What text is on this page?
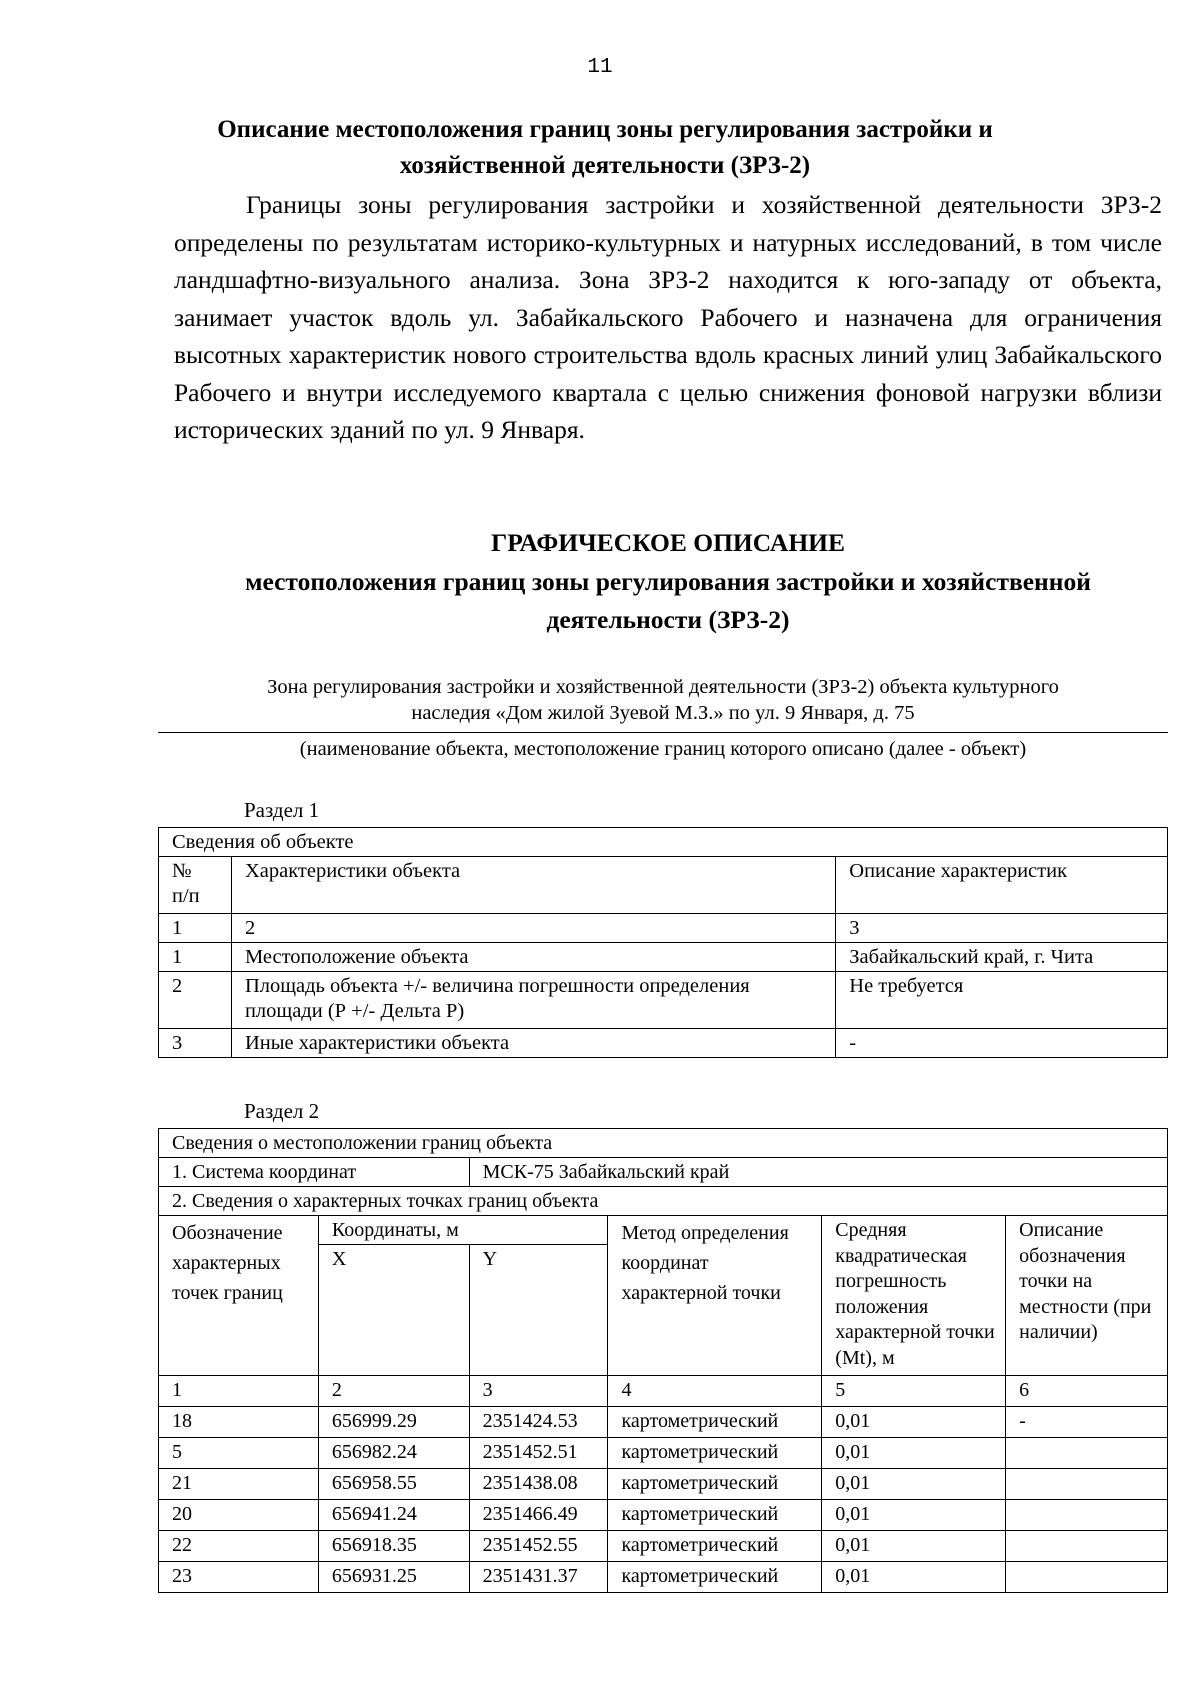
11
Описание местоположения границ зоны регулирования застройки и
хозяйственной деятельности (ЗРЗ-2)
Границы зоны регулирования застройки и хозяйственной деятельности ЗРЗ-2 определены по результатам историко-культурных и натурных исследований, в том числе ландшафтно-визуального анализа. Зона ЗРЗ-2 находится к юго-западу от объекта, занимает участок вдоль ул. Забайкальского Рабочего и назначена для ограничения высотных характеристик нового строительства вдоль красных линий улиц Забайкальского Рабочего и внутри исследуемого квартала с целью снижения фоновой нагрузки вблизи исторических зданий по ул. 9 Января.
ГРАФИЧЕСКОЕ ОПИСАНИЕ
местоположения границ зоны регулирования застройки и хозяйственной
деятельности (ЗРЗ-2)
Зона регулирования застройки и хозяйственной деятельности (ЗРЗ-2) объекта культурного
наследия «Дом жилой Зуевой М.З.» по ул. 9 Января, д. 75
(наименование объекта, местоположение границ которого описано (далее - объект)
Раздел 1
Сведения об объекте		
№ п/п	Характеристики объекта	Описание характеристик
1	2	3
1	Местоположение объекта	Забайкальский край, г. Чита
2	Площадь объекта +/- величина погрешности определения площади (Р +/- Дельта Р)	Не требуется
3	Иные характеристики объекта	-
Раздел 2
Сведения о местоположении границ объекта					
1. Система координат		МСК-75 Забайкальский край			
2. Сведения о характерных точках границ объекта					
Обозначение характерных точек границ	Координаты, м		Метод определения координат характерной точки	Средняя квадратическая погрешность положения характерной точки (Mt), м	Описание обозначения точки на местности (при наличии)
	X	Y			
1	2	3	4	5	6
18	656999.29	2351424.53	картометрический	0,01	-
5	656982.24	2351452.51	картометрический	0,01	
21	656958.55	2351438.08	картометрический	0,01	
20	656941.24	2351466.49	картометрический	0,01	
22	656918.35	2351452.55	картометрический	0,01	
23	656931.25	2351431.37	картометрический	0,01	
